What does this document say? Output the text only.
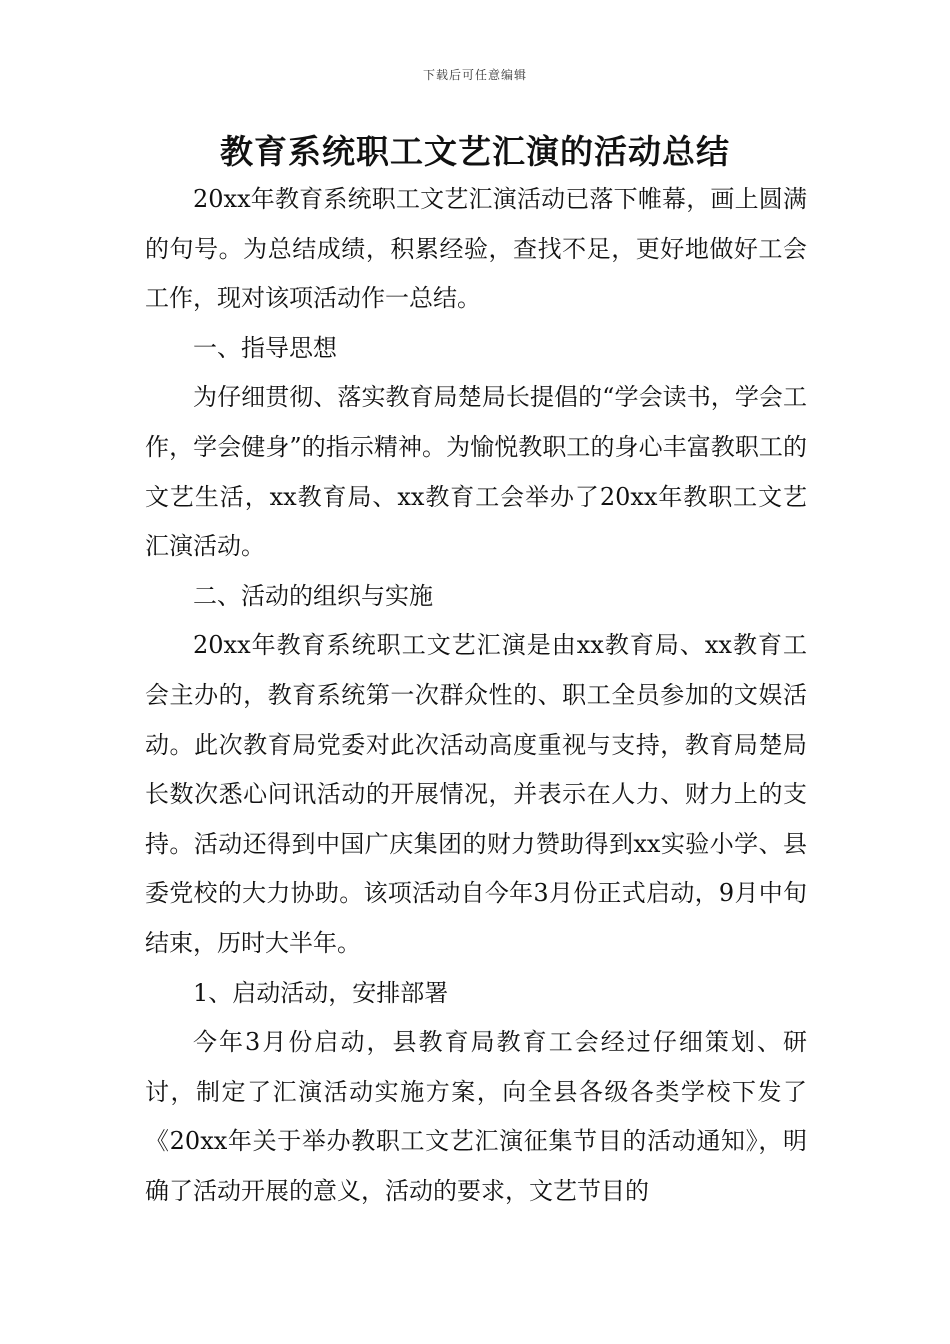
下载后可任意编辑
教育系统职工文艺汇演的活动总结

20xx年教育系统职工文艺汇演活动已落下帷幕，画上圆满的句号。为总结成绩，积累经验，查找不足，更好地做好工会工作，现对该项活动作一总结。

一、指导思想

为仔细贯彻、落实教育局楚局长提倡的“学会读书，学会工作，学会健身”的指示精神。为愉悦教职工的身心丰富教职工的文艺生活，xx教育局、xx教育工会举办了20xx年教职工文艺汇演活动。

二、活动的组织与实施

20xx年教育系统职工文艺汇演是由xx教育局、xx教育工会主办的，教育系统第一次群众性的、职工全员参加的文娱活动。此次教育局党委对此次活动高度重视与支持，教育局楚局长数次悉心问讯活动的开展情况，并表示在人力、财力上的支持。活动还得到中国广庆集团的财力赞助得到xx实验小学、县委党校的大力协助。该项活动自今年3月份正式启动，9月中旬结束，历时大半年。

1、启动活动，安排部署

今年3月份启动，县教育局教育工会经过仔细策划、研讨，制定了汇演活动实施方案，向全县各级各类学校下发了《20xx年关于举办教职工文艺汇演征集节目的活动通知》，明确了活动开展的意义，活动的要求，文艺节目的
